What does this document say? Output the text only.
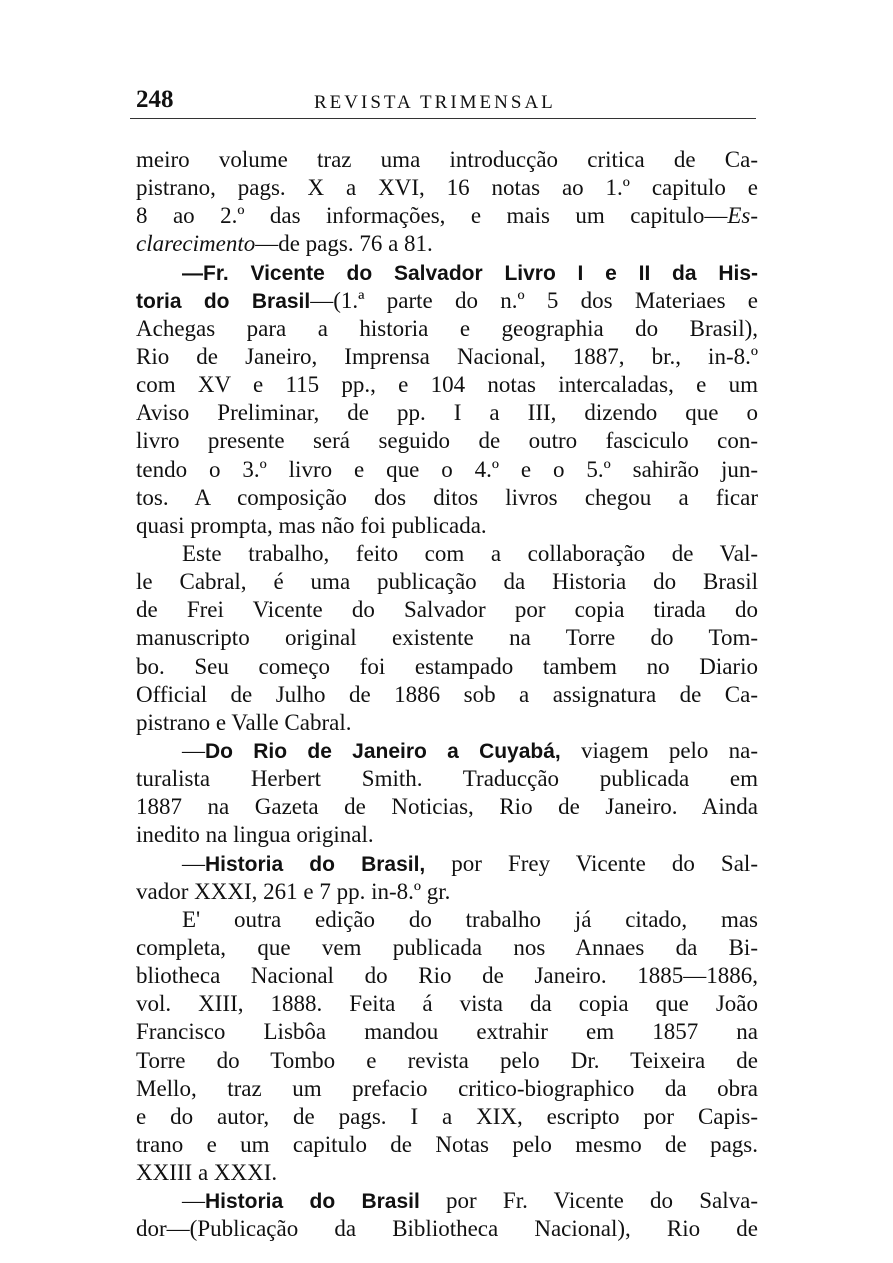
248	REVISTA TRIMENSAL
meiro volume traz uma introducção critica de Ca-
pistrano, pags. X a XVI, 16 notas ao 1.º capitulo e
8 ao 2.º das informações, e mais um capitulo—Es-
clarecimento—de pags. 76 a 81.
—Fr. Vicente do Salvador Livro I e II da His-
toria do Brasil—(1.ª parte do n.º 5 dos Materiaes e
Achegas para a historia e geographia do Brasil),
Rio de Janeiro, Imprensa Nacional, 1887, br., in-8.º
com XV e 115 pp., e 104 notas intercaladas, e um
Aviso Preliminar, de pp. I a III, dizendo que o
livro presente será seguido de outro fasciculo con-
tendo o 3.º livro e que o 4.º e o 5.º sahirão jun-
tos. A composição dos ditos livros chegou a ficar
quasi prompta, mas não foi publicada.
Este trabalho, feito com a collaboração de Val-
le Cabral, é uma publicação da Historia do Brasil
de Frei Vicente do Salvador por copia tirada do
manuscripto original existente na Torre do Tom-
bo. Seu começo foi estampado tambem no Diario
Official de Julho de 1886 sob a assignatura de Ca-
pistrano e Valle Cabral.
—Do Rio de Janeiro a Cuyabá, viagem pelo na-
turalista Herbert Smith. Traducção publicada em
1887 na Gazeta de Noticias, Rio de Janeiro. Ainda
inedito na lingua original.
—Historia do Brasil, por Frey Vicente do Sal-
vador XXXI, 261 e 7 pp. in-8.º gr.
E' outra edição do trabalho já citado, mas
completa, que vem publicada nos Annaes da Bi-
bliotheca Nacional do Rio de Janeiro. 1885—1886,
vol. XIII, 1888. Feita á vista da copia que João
Francisco Lisbôa mandou extrahir em 1857 na
Torre do Tombo e revista pelo Dr. Teixeira de
Mello, traz um prefacio critico-biographico da obra
e do autor, de pags. I a XIX, escripto por Capis-
trano e um capitulo de Notas pelo mesmo de pags.
XXIII a XXXI.
—Historia do Brasil por Fr. Vicente do Salva-
dor—(Publicação da Bibliotheca Nacional), Rio de
